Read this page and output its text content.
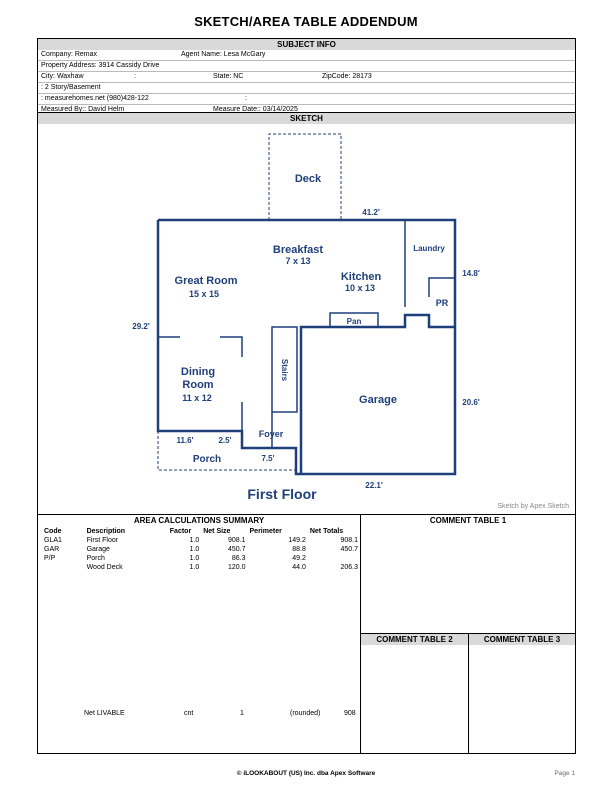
SKETCH/AREA TABLE ADDENDUM
SUBJECT INFO
Company: Remax	Agent Name: Lesa McGary
Property Address: 3914 Cassidy Drive
City: Waxhaw	:	State: NC	ZipCode: 28173
: 2 Story/Basement
: measurehomes.net (980)428-122	:
Measured By:: David Helm	Measure Date:: 03/14/2025
SKETCH
Deck
41.2'
Breakfast
7 x 13
Laundry
Great Room
15 x 15
Kitchen
10 x 13
14.8'
PR
Pan
29.2'
Stairs
Dining
Room
11 x 12	Garage	20.6'
Foyer
11.6'	2.5'
Porch	7.5'
22.1'
First Floor
Sketch by Apex Sketch
AREA CALCULATIONS SUMMARY
Code	Description	Factor	Net Size	Perimeter	Net Totals
GLA1	First Floor	1.0	908.1	149.2	908.1
GAR	Garage	1.0	450.7	88.8	450.7
P/P	Porch	1.0	86.3	49.2	
	Wood Deck	1.0	120.0	44.0	206.3
Net LIVABLE	cnt	1	(rounded)	908
COMMENT TABLE 1
COMMENT TABLE 2	COMMENT TABLE 3
© iLOOKABOUT (US) Inc. dba Apex Software	Page 1
